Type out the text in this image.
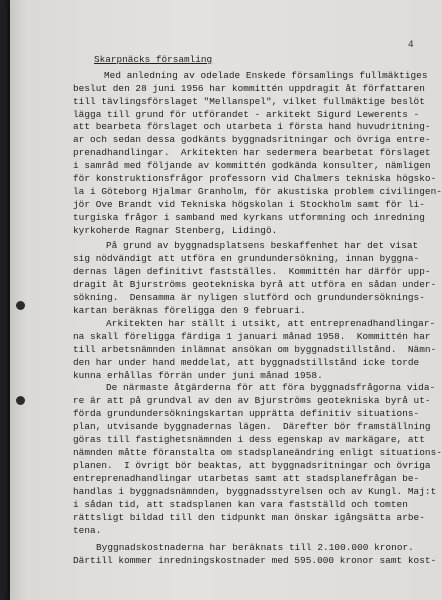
4
Skarpnäcks församling
Med anledning av odelade Enskede församlings fullmäktiges
beslut den 28 juni 1956 har kommittén uppdragit åt författaren
till tävlingsförslaget "Mellanspel", vilket fullmäktige beslöt
lägga till grund för utförandet - arkitekt Sigurd Lewerents -
att bearbeta förslaget och utarbeta i första hand huvudritning-
ar och sedan dessa godkänts byggnadsritningar och övriga entre-
prenadhandlingar.  Arkitekten har sedermera bearbetat förslaget
i samråd med följande av kommittén godkända konsulter, nämligen
för konstruktionsfrågor professorn vid Chalmers tekniska högsko-
la i Göteborg Hjalmar Granholm, för akustiska problem civilingen-
jör Ove Brandt vid Tekniska högskolan i Stockholm samt för li-
turgiska frågor i samband med kyrkans utformning och inredning
kyrkoherde Ragnar Stenberg, Lidingö.
På grund av byggnadsplatsens beskaffenhet har det visat
sig nödvändigt att utföra en grundundersökning, innan byggna-
dernas lägen definitivt fastställes.  Kommittén har därför upp-
dragit åt Bjurströms geotekniska byrå att utföra en sådan under-
sökning.  Densamma är nyligen slutförd och grundundersöknings-
kartan beräknas föreligga den 9 februari.
Arkitekten har ställt i utsikt, att entreprenadhandlingar-
na skall föreligga färdiga 1 januari månad 1958.  Kommittén har
till arbetsnämnden inlämnat ansökan om byggnadstillstånd.  Nämn-
den har under hand meddelat, att byggnadstillstånd icke torde
kunna erhållas förrän under juni månad 1958.
De närmaste åtgärderna för att föra byggnadsfrågorna vida-
re är att på grundval av den av Bjurströms geotekniska byrå ut-
förda grundundersökningskartan upprätta definitiv situations-
plan, utvisande byggnadernas lägen.  Därefter bör framställning
göras till fastighetsnämnden i dess egenskap av markägare, att
nämnden måtte föranstalta om stadsplaneändring enligt situations-
planen.  I övrigt bör beaktas, att byggnadsritningar och övriga
entreprenadhandlingar utarbetas samt att stadsplanefrågan be-
handlas i byggnadsnämnden, byggnadsstyrelsen och av Kungl. Maj:t
i sådan tid, att stadsplanen kan vara fastställd och tomten
rättsligt bildad till den tidpunkt man önskar igångsätta arbe-
tena.
Byggnadskostnaderna har beräknats till 2.100.000 kronor.
Därtill kommer inredningskostnader med 595.000 kronor samt kost-
